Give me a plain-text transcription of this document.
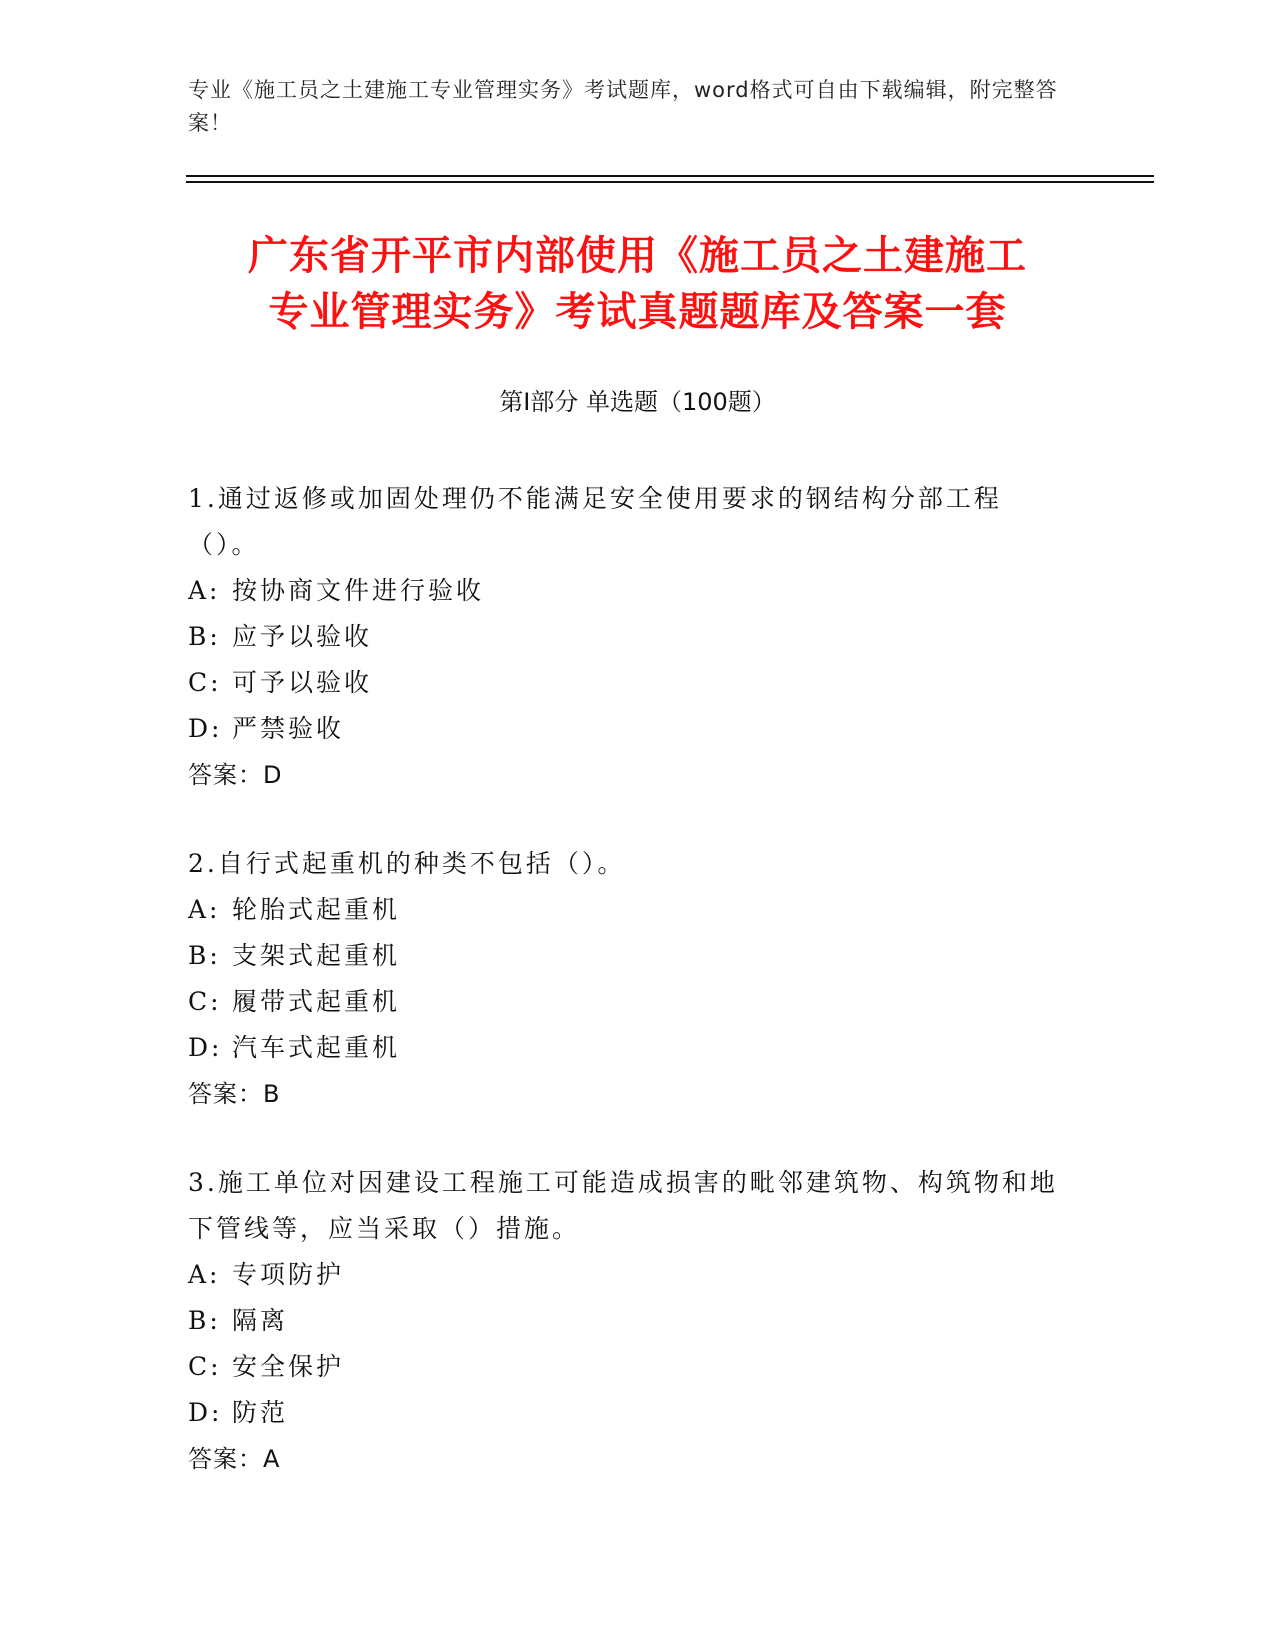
专业《施工员之土建施工专业管理实务》考试题库，word格式可自由下载编辑，附完整答案！
广东省开平市内部使用《施工员之土建施工
专业管理实务》考试真题题库及答案一套
第Ⅰ部分 单选题（100题）
1.通过返修或加固处理仍不能满足安全使用要求的钢结构分部工程（）。
A: 按协商文件进行验收
B: 应予以验收
C: 可予以验收
D: 严禁验收
答案：D
2.自行式起重机的种类不包括（）。
A: 轮胎式起重机
B: 支架式起重机
C: 履带式起重机
D: 汽车式起重机
答案：B
3.施工单位对因建设工程施工可能造成损害的毗邻建筑物、构筑物和地下管线等，应当采取（）措施。
A: 专项防护
B: 隔离
C: 安全保护
D: 防范
答案：A
